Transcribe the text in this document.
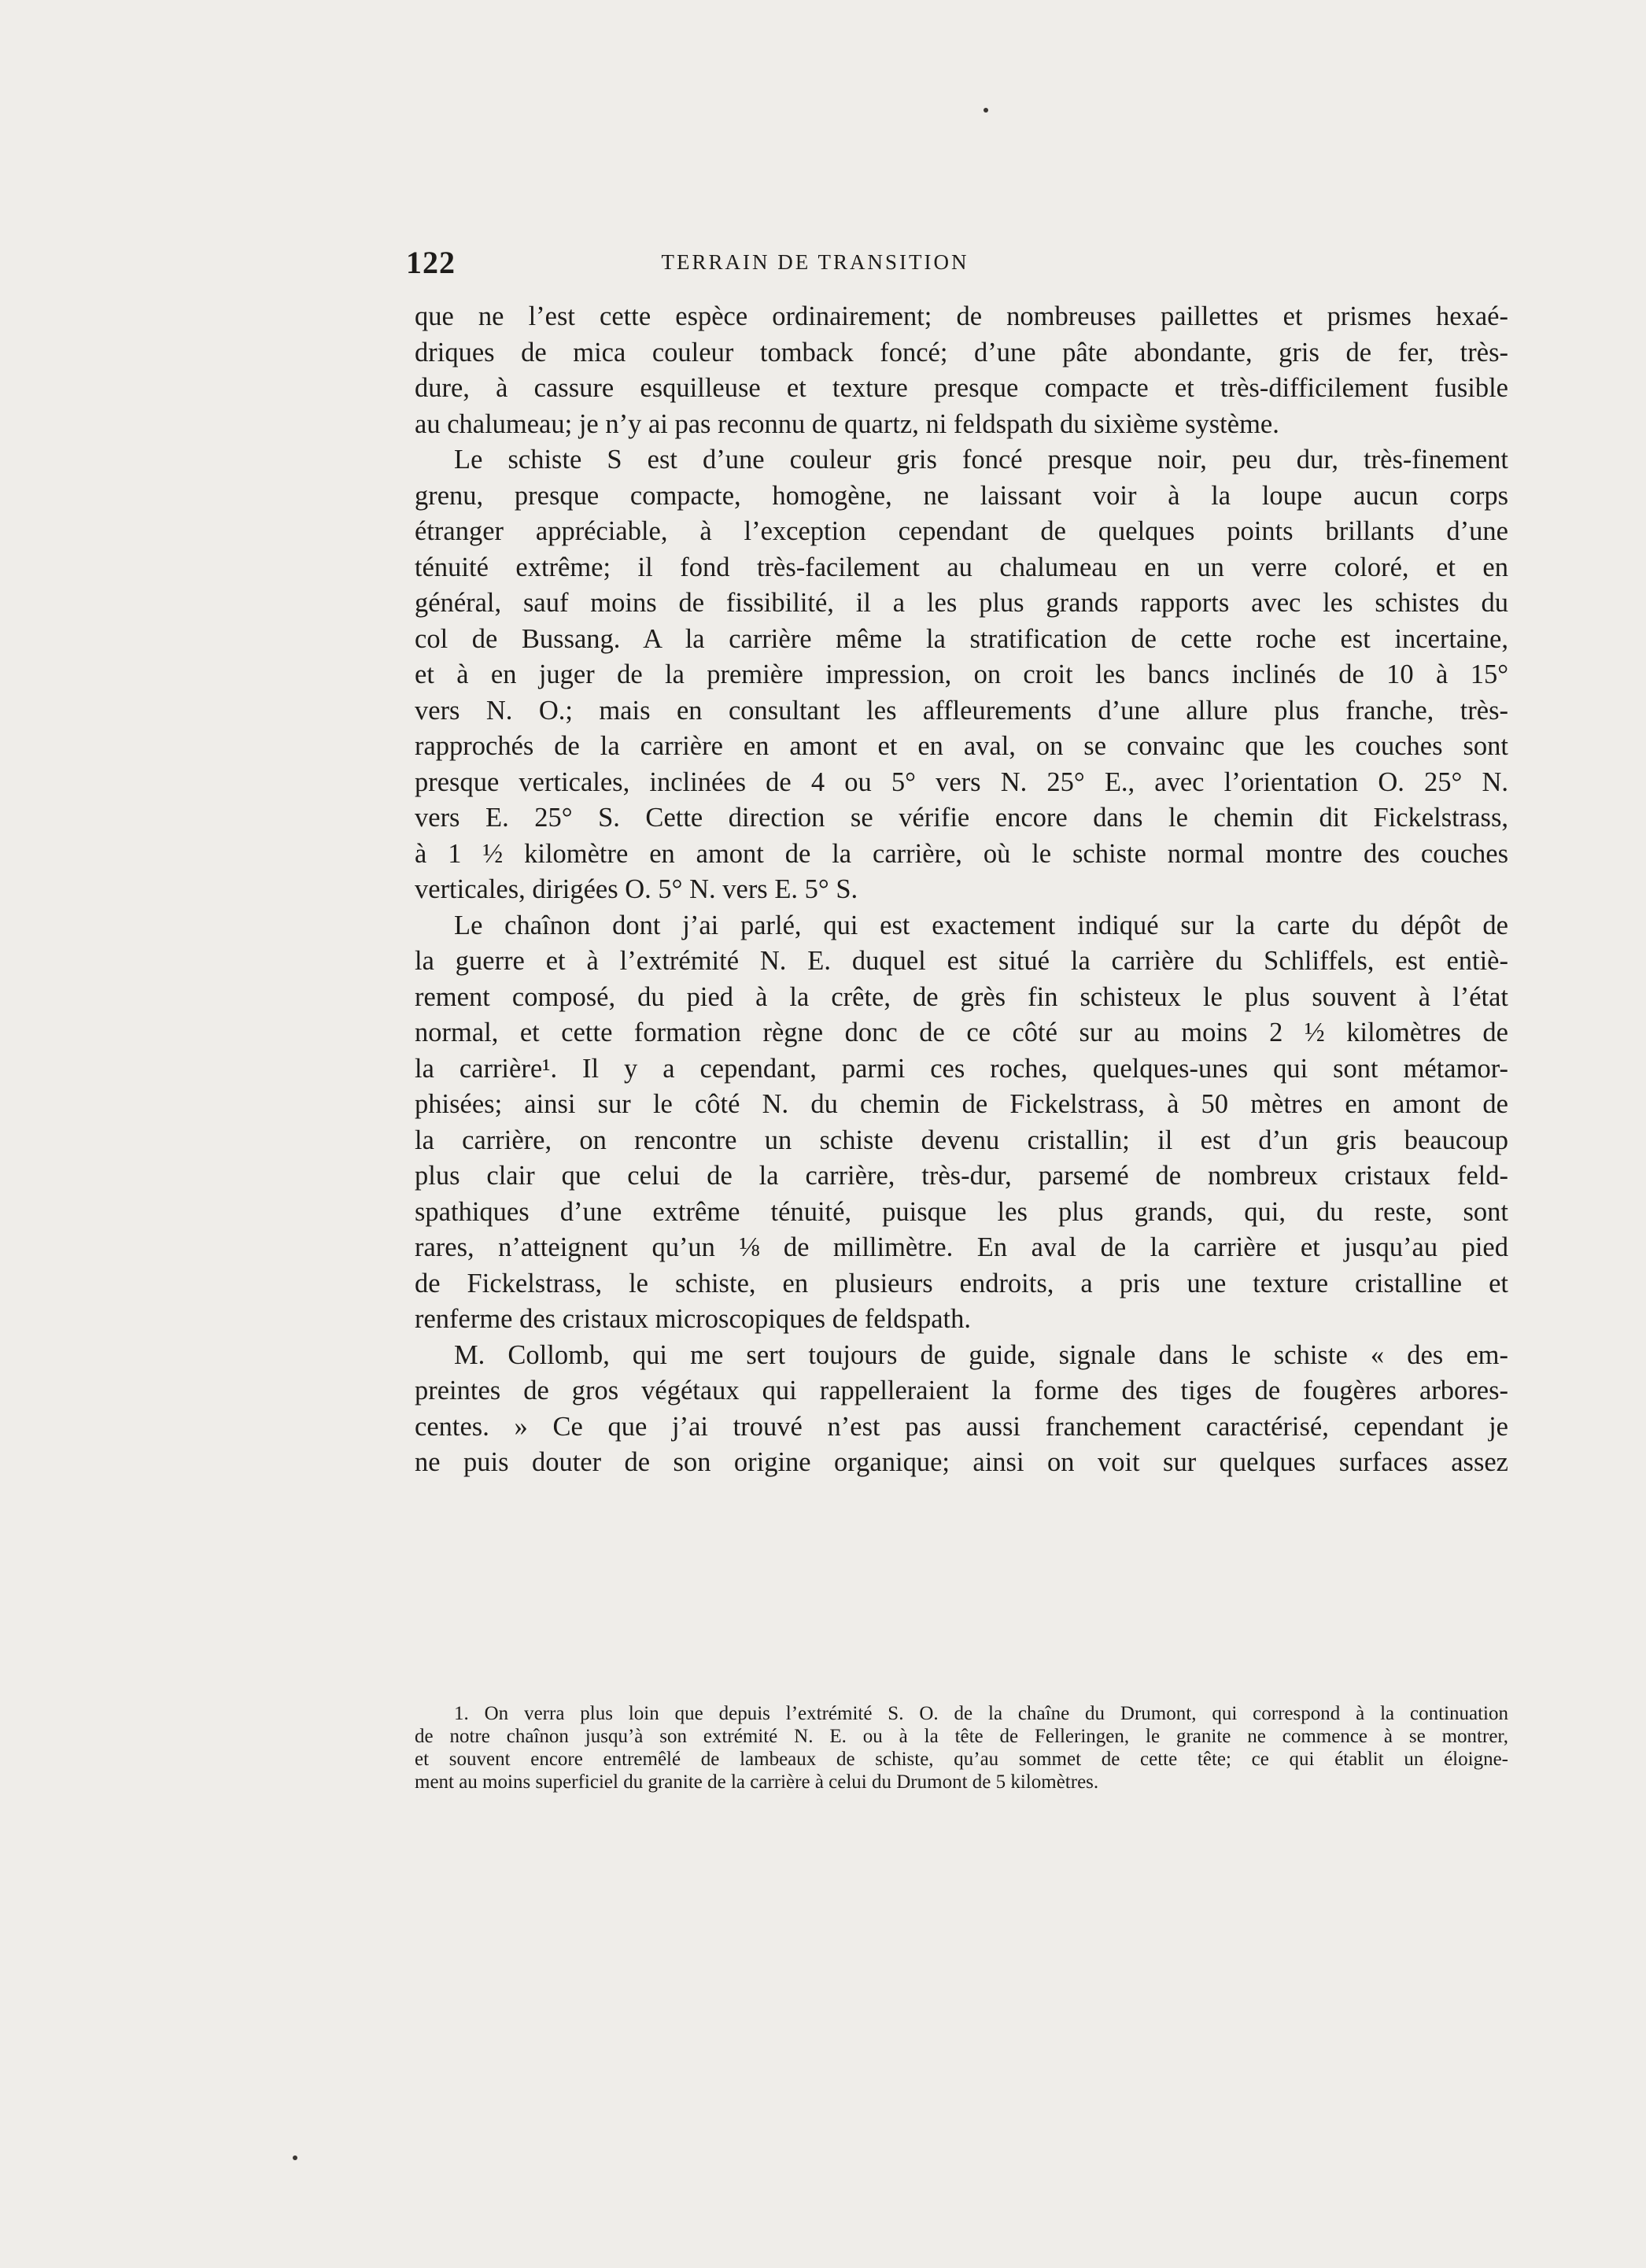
122	TERRAIN DE TRANSITION
que ne l’est cette espèce ordinairement; de nombreuses paillettes et prismes hexaé-
driques de mica couleur tomback foncé; d’une pâte abondante, gris de fer, très-
dure, à cassure esquilleuse et texture presque compacte et très-difficilement fusible
au chalumeau; je n’y ai pas reconnu de quartz, ni feldspath du sixième système.
Le schiste S est d’une couleur gris foncé presque noir, peu dur, très-finement
grenu, presque compacte, homogène, ne laissant voir à la loupe aucun corps
étranger appréciable, à l’exception cependant de quelques points brillants d’une
ténuité extrême; il fond très-facilement au chalumeau en un verre coloré, et en
général, sauf moins de fissibilité, il a les plus grands rapports avec les schistes du
col de Bussang. A la carrière même la stratification de cette roche est incertaine,
et à en juger de la première impression, on croit les bancs inclinés de 10 à 15°
vers N. O.; mais en consultant les affleurements d’une allure plus franche, très-
rapprochés de la carrière en amont et en aval, on se convainc que les couches sont
presque verticales, inclinées de 4 ou 5° vers N. 25° E., avec l’orientation O. 25° N.
vers E. 25° S. Cette direction se vérifie encore dans le chemin dit Fickelstrass,
à 1 ½ kilomètre en amont de la carrière, où le schiste normal montre des couches
verticales, dirigées O. 5° N. vers E. 5° S.
Le chaînon dont j’ai parlé, qui est exactement indiqué sur la carte du dépôt de
la guerre et à l’extrémité N. E. duquel est situé la carrière du Schliffels, est entiè-
rement composé, du pied à la crête, de grès fin schisteux le plus souvent à l’état
normal, et cette formation règne donc de ce côté sur au moins 2 ½ kilomètres de
la carrière¹. Il y a cependant, parmi ces roches, quelques-unes qui sont métamor-
phisées; ainsi sur le côté N. du chemin de Fickelstrass, à 50 mètres en amont de
la carrière, on rencontre un schiste devenu cristallin; il est d’un gris beaucoup
plus clair que celui de la carrière, très-dur, parsemé de nombreux cristaux feld-
spathiques d’une extrême ténuité, puisque les plus grands, qui, du reste, sont
rares, n’atteignent qu’un ⅛ de millimètre. En aval de la carrière et jusqu’au pied
de Fickelstrass, le schiste, en plusieurs endroits, a pris une texture cristalline et
renferme des cristaux microscopiques de feldspath.
M. Collomb, qui me sert toujours de guide, signale dans le schiste « des em-
preintes de gros végétaux qui rappelleraient la forme des tiges de fougères arbores-
centes. » Ce que j’ai trouvé n’est pas aussi franchement caractérisé, cependant je
ne puis douter de son origine organique; ainsi on voit sur quelques surfaces assez
1. On verra plus loin que depuis l’extrémité S. O. de la chaîne du Drumont, qui correspond à la continuation
de notre chaînon jusqu’à son extrémité N. E. ou à la tête de Felleringen, le granite ne commence à se montrer,
et souvent encore entremêlé de lambeaux de schiste, qu’au sommet de cette tête; ce qui établit un éloigne-
ment au moins superficiel du granite de la carrière à celui du Drumont de 5 kilomètres.
